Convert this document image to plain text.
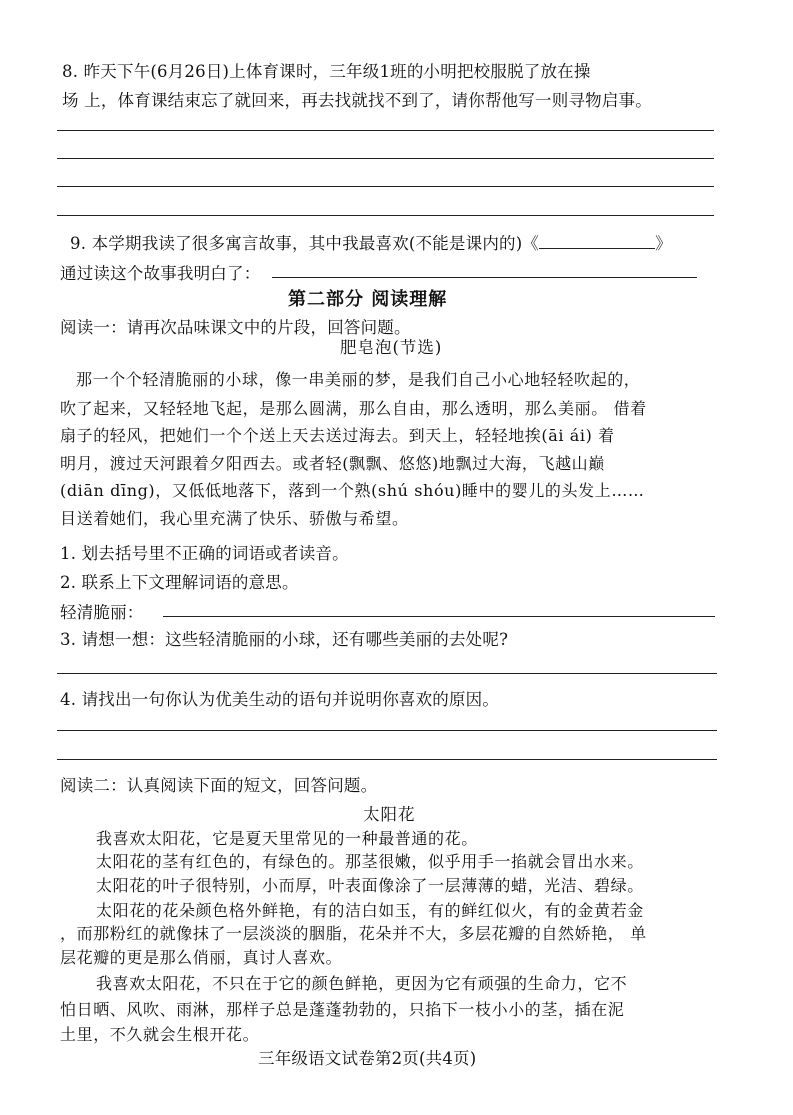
8. 昨天下午(6月26日)上体育课时，三年级1班的小明把校服脱了放在操
场 上，体育课结束忘了就回来，再去找就找不到了，请你帮他写一则寻物启事。
9. 本学期我读了很多寓言故事，其中我最喜欢(不能是课内的)《	》
通过读这个故事我明白了：
第二部分 阅读理解
阅读一：请再次品味课文中的片段，回答问题。
肥皂泡(节选)
那一个个轻清脆丽的小球，像一串美丽的梦，是我们自己小心地轻轻吹起的，
吹了起来，又轻轻地飞起，是那么圆满，那么自由，那么透明，那么美丽。 借着
扇子的轻风，把她们一个个送上天去送过海去。到天上，轻轻地挨(āi ái) 着
明月，渡过天河跟着夕阳西去。或者轻(飘飘、悠悠)地飘过大海，飞越山巅
(diān dīng)，又低低地落下，落到一个熟(shú shóu)睡中的婴儿的头发上……
目送着她们，我心里充满了快乐、骄傲与希望。
1. 划去括号里不正确的词语或者读音。
2. 联系上下文理解词语的意思。
轻清脆丽：
3. 请想一想：这些轻清脆丽的小球，还有哪些美丽的去处呢?
4. 请找出一句你认为优美生动的语句并说明你喜欢的原因。
阅读二：认真阅读下面的短文，回答问题。
太阳花
我喜欢太阳花，它是夏天里常见的一种最普通的花。
太阳花的茎有红色的，有绿色的。那茎很嫩，似乎用手一掐就会冒出水来。
太阳花的叶子很特别，小而厚，叶表面像涂了一层薄薄的蜡，光洁、碧绿。
太阳花的花朵颜色格外鲜艳，有的洁白如玉，有的鲜红似火，有的金黄若金
，而那粉红的就像抹了一层淡淡的胭脂，花朵并不大，多层花瓣的自然娇艳， 单
层花瓣的更是那么俏丽，真讨人喜欢。
我喜欢太阳花，不只在于它的颜色鲜艳，更因为它有顽强的生命力，它不
怕日晒、风吹、雨淋，那样子总是蓬蓬勃勃的，只掐下一枝小小的茎，插在泥
土里，不久就会生根开花。
三年级语文试卷第2页(共4页)
